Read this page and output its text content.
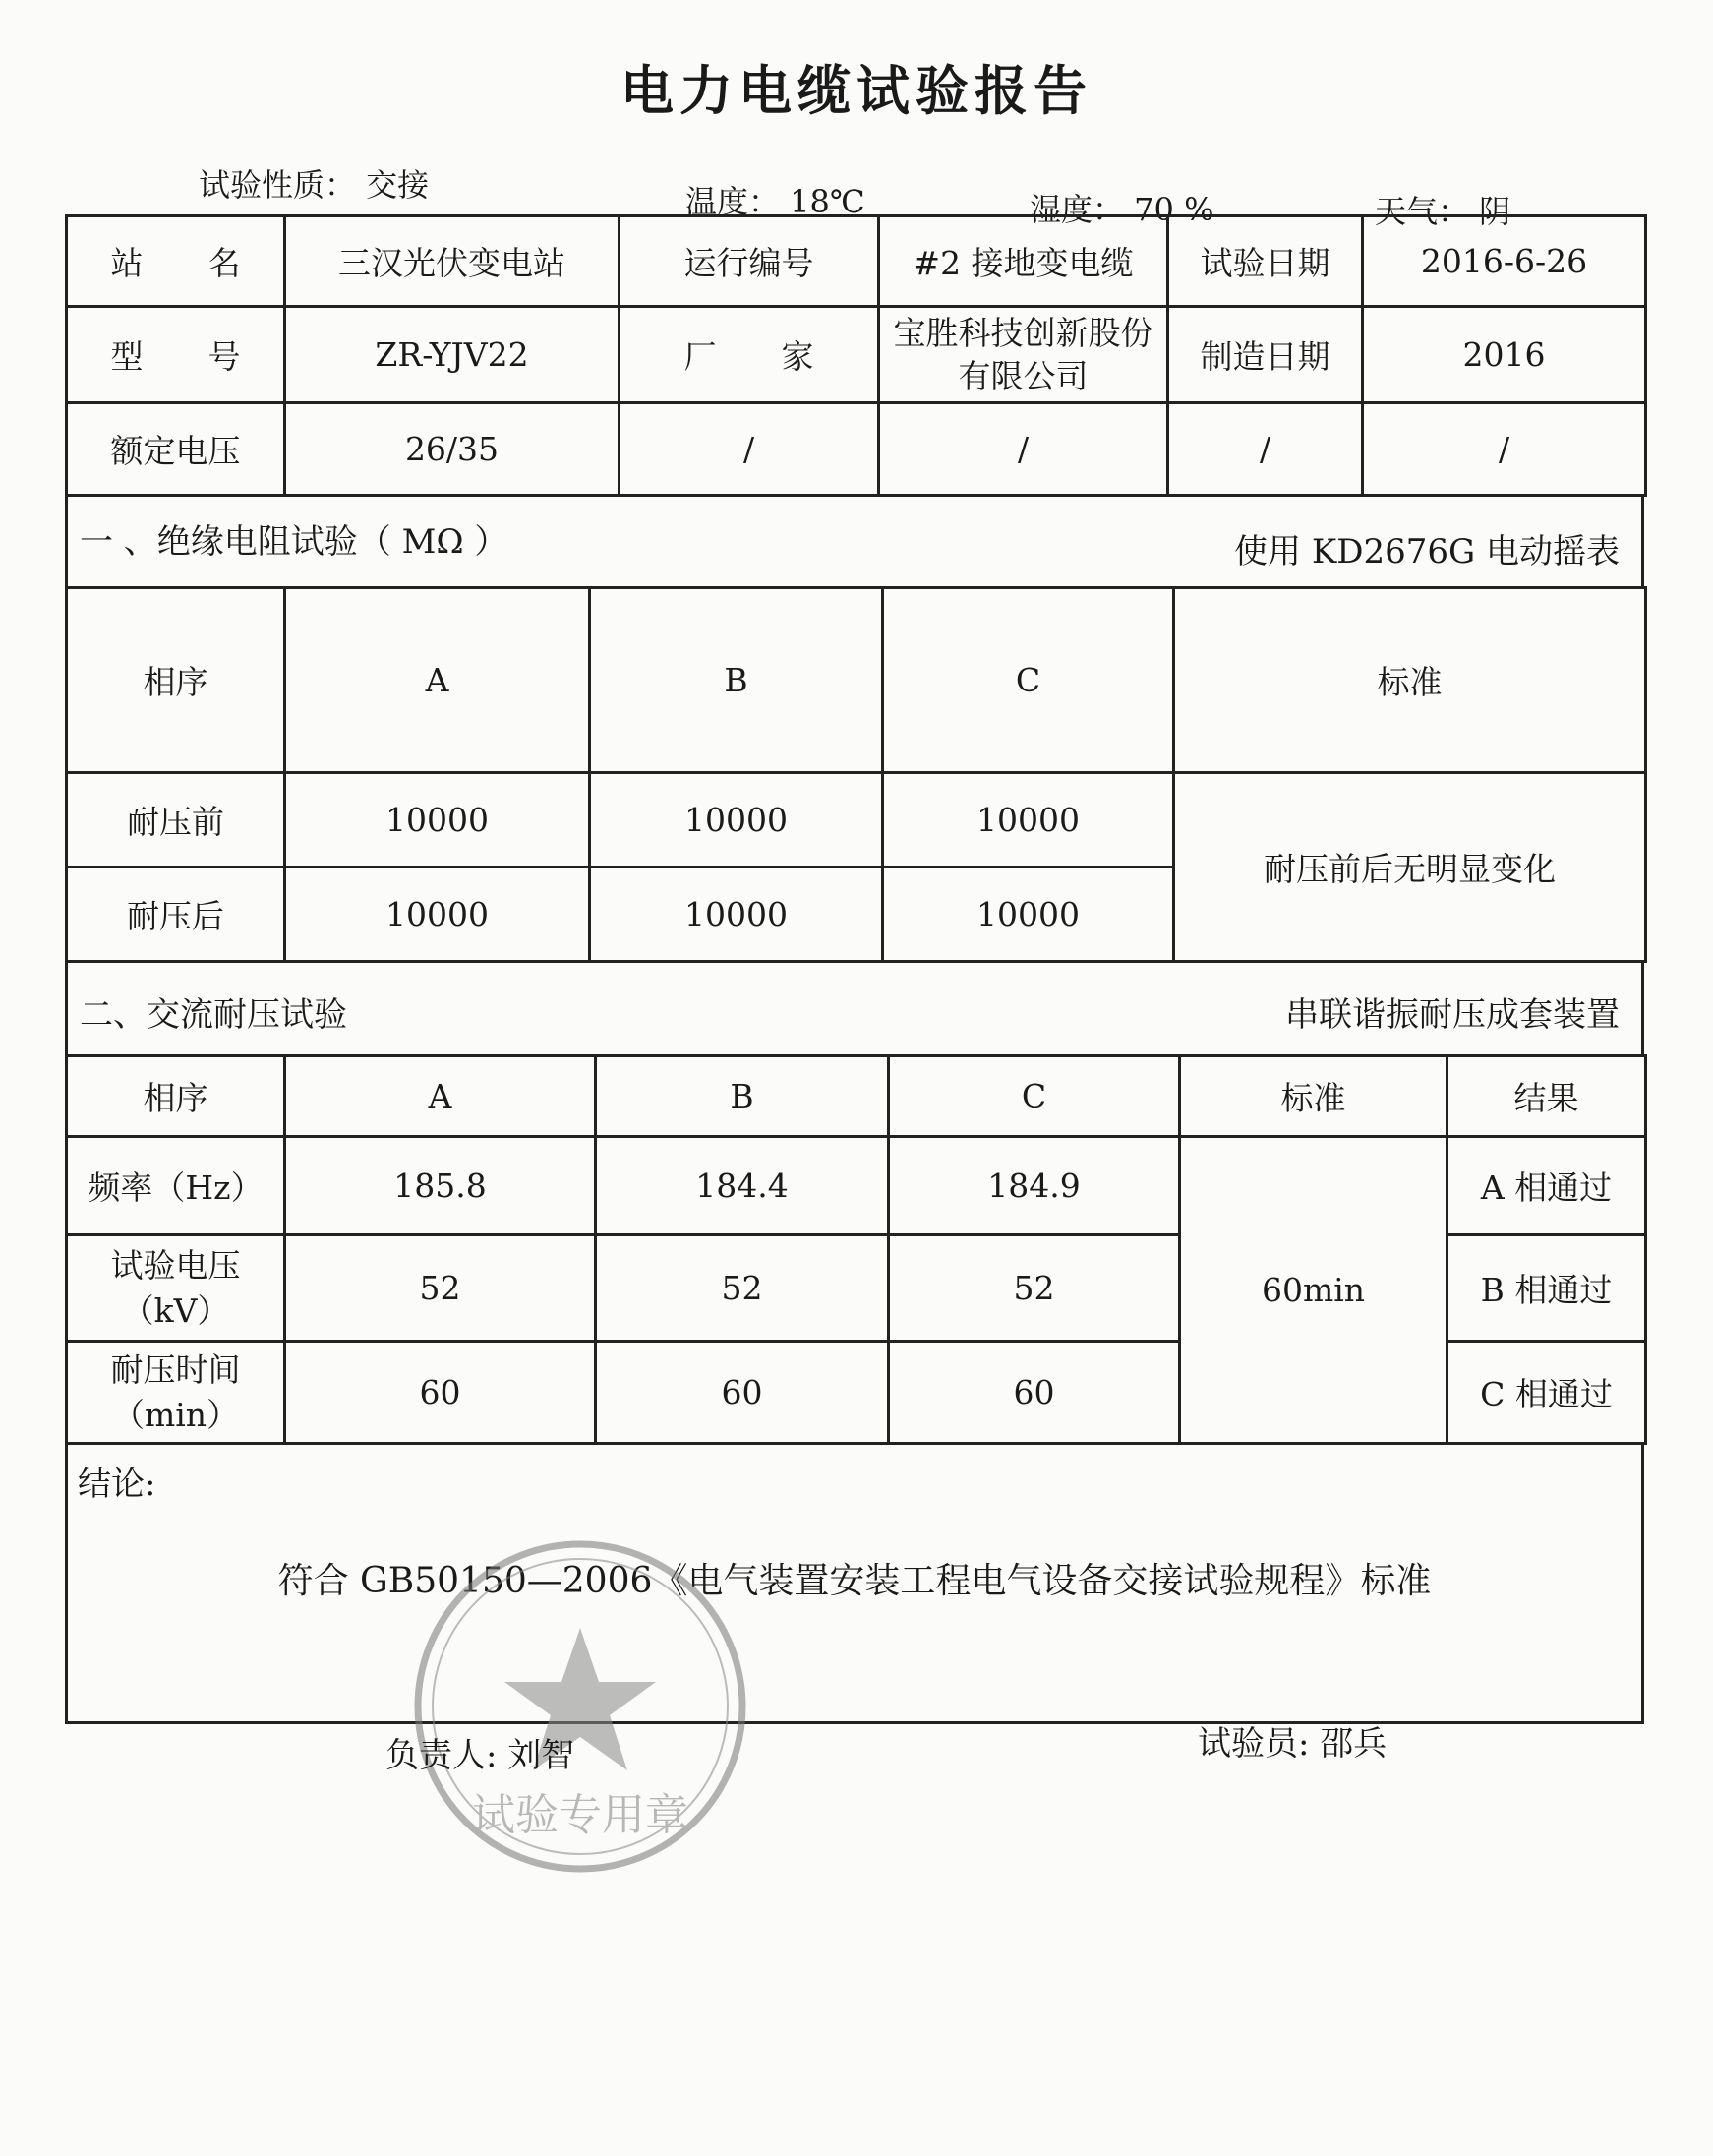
电力电缆试验报告
试验性质： 交接	温度： 18℃	湿度： 70 %	天气： 阴
站　　名	三汉光伏变电站	运行编号	#2 接地变电缆	试验日期	2016-6-26
型　　号	ZR-YJV22	厂　　家	宝胜科技创新股份有限公司	制造日期	2016
额定电压	26/35	/	/	/	/
一 、绝缘电阻试验（ MΩ ）	使用 KD2676G 电动摇表
相序	A	B	C	标准
耐压前	10000	10000	10000	耐压前后无明显变化
耐压后	10000	10000	10000	
二、交流耐压试验	串联谐振耐压成套装置
相序	A	B	C	标准	结果
频率（Hz）	185.8	184.4	184.9	60min	A 相通过
试验电压（kV）	52	52	52		B 相通过
耐压时间（min）	60	60	60		C 相通过
结论:
符合 GB50150—2006《电气装置安装工程电气设备交接试验规程》标准
试验专用章
负责人: 刘智	试验员: 邵兵
